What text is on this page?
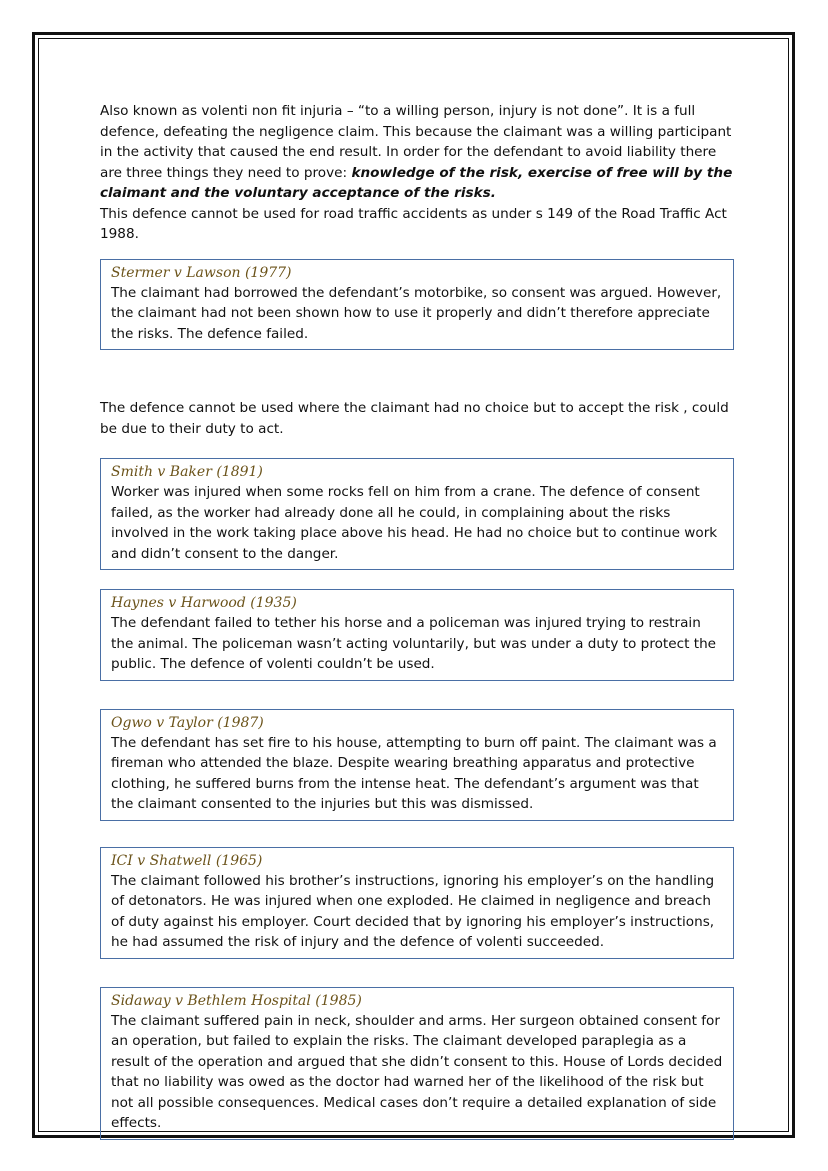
Also known as volenti non fit injuria – “to a willing person, injury is not done”. It is a full defence, defeating the negligence claim. This because the claimant was a willing participant in the activity that caused the end result. In order for the defendant to avoid liability there are three things they need to prove: knowledge of the risk, exercise of free will by the claimant and the voluntary acceptance of the risks.

This defence cannot be used for road traffic accidents as under s 149 of the Road Traffic Act 1988.

Stermer v Lawson (1977)
The claimant had borrowed the defendant’s motorbike, so consent was argued. However, the claimant had not been shown how to use it properly and didn’t therefore appreciate the risks. The defence failed.

The defence cannot be used where the claimant had no choice but to accept the risk , could be due to their duty to act.

Smith v Baker (1891)
Worker was injured when some rocks fell on him from a crane. The defence of consent failed, as the worker had already done all he could, in complaining about the risks involved in the work taking place above his head. He had no choice but to continue work and didn’t consent to the danger.
Haynes v Harwood (1935)
The defendant failed to tether his horse and a policeman was injured trying to restrain the animal. The policeman wasn’t acting voluntarily, but was under a duty to protect the public. The defence of volenti couldn’t be used.
Ogwo v Taylor (1987)
The defendant has set fire to his house, attempting to burn off paint. The claimant was a fireman who attended the blaze. Despite wearing breathing apparatus and protective clothing, he suffered burns from the intense heat. The defendant’s argument was that the claimant consented to the injuries but this was dismissed.
ICI v Shatwell (1965)
The claimant followed his brother’s instructions, ignoring his employer’s on the handling of detonators. He was injured when one exploded. He claimed in negligence and breach of duty against his employer. Court decided that by ignoring his employer’s instructions, he had assumed the risk of injury and the defence of volenti succeeded.
Sidaway v Bethlem Hospital (1985)
The claimant suffered pain in neck, shoulder and arms. Her surgeon obtained consent for an operation, but failed to explain the risks. The claimant developed paraplegia as a result of the operation and argued that she didn’t consent to this. House of Lords decided that no liability was owed as the doctor had warned her of the likelihood of the risk but not all possible consequences. Medical cases don’t require a detailed explanation of side effects.
